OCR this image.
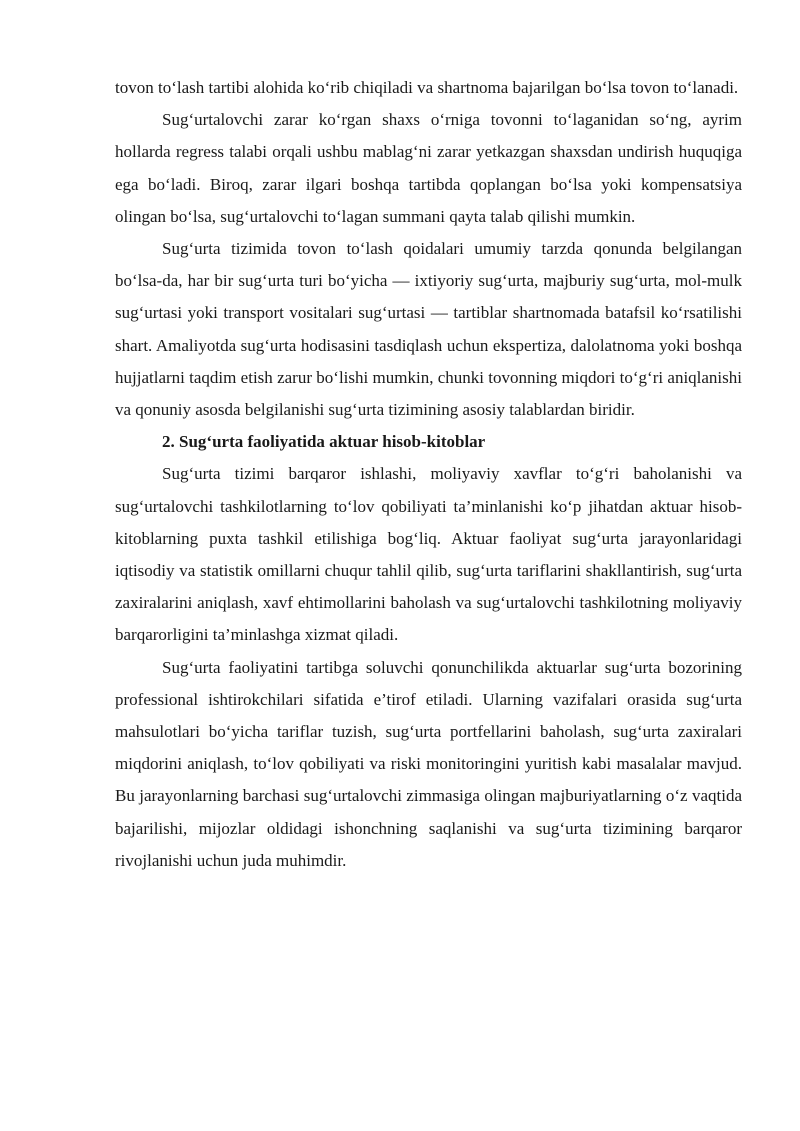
tovon to‘lash tartibi alohida ko‘rib chiqiladi va shartnoma bajarilgan bo‘lsa tovon to‘lanadi.

Sug‘urtalovchi zarar ko‘rgan shaxs o‘rniga tovonni to‘laganidan so‘ng, ayrim hollarda regress talabi orqali ushbu mablag‘ni zarar yetkazgan shaxsdan undirish huquqiga ega bo‘ladi. Biroq, zarar ilgari boshqa tartibda qoplangan bo‘lsa yoki kompensatsiya olingan bo‘lsa, sug‘urtalovchi to‘lagan summani qayta talab qilishi mumkin.

Sug‘urta tizimida tovon to‘lash qoidalari umumiy tarzda qonunda belgilangan bo‘lsa-da, har bir sug‘urta turi bo‘yicha — ixtiyoriy sug‘urta, majburiy sug‘urta, mol-mulk sug‘urtasi yoki transport vositalari sug‘urtasi — tartiblar shartnomada batafsil ko‘rsatilishi shart. Amaliyotda sug‘urta hodisasini tasdiqlash uchun ekspertiza, dalolatnoma yoki boshqa hujjatlarni taqdim etish zarur bo‘lishi mumkin, chunki tovonning miqdori to‘g‘ri aniqlanishi va qonuniy asosda belgilanishi sug‘urta tizimining asosiy talablardan biridir.

2. Sug‘urta faoliyatida aktuar hisob-kitoblar

Sug‘urta tizimi barqaror ishlashi, moliyaviy xavflar to‘g‘ri baholanishi va sug‘urtalovchi tashkilotlarning to‘lov qobiliyati ta’minlanishi ko‘p jihatdan aktuar hisob-kitoblarning puxta tashkil etilishiga bog‘liq. Aktuar faoliyat sug‘urta jarayonlaridagi iqtisodiy va statistik omillarni chuqur tahlil qilib, sug‘urta tariflarini shakllantirish, sug‘urta zaxiralarini aniqlash, xavf ehtimollarini baholash va sug‘urtalovchi tashkilotning moliyaviy barqarorligini ta’minlashga xizmat qiladi.

Sug‘urta faoliyatini tartibga soluvchi qonunchilikda aktuarlar sug‘urta bozorining professional ishtirokchilari sifatida e’tirof etiladi. Ularning vazifalari orasida sug‘urta mahsulotlari bo‘yicha tariflar tuzish, sug‘urta portfellarini baholash, sug‘urta zaxiralari miqdorini aniqlash, to‘lov qobiliyati va riski monitoringini yuritish kabi masalalar mavjud. Bu jarayonlarning barchasi sug‘urtalovchi zimmasiga olingan majburiyatlarning o‘z vaqtida bajarilishi, mijozlar oldidagi ishonchning saqlanishi va sug‘urta tizimining barqaror rivojlanishi uchun juda muhimdir.
